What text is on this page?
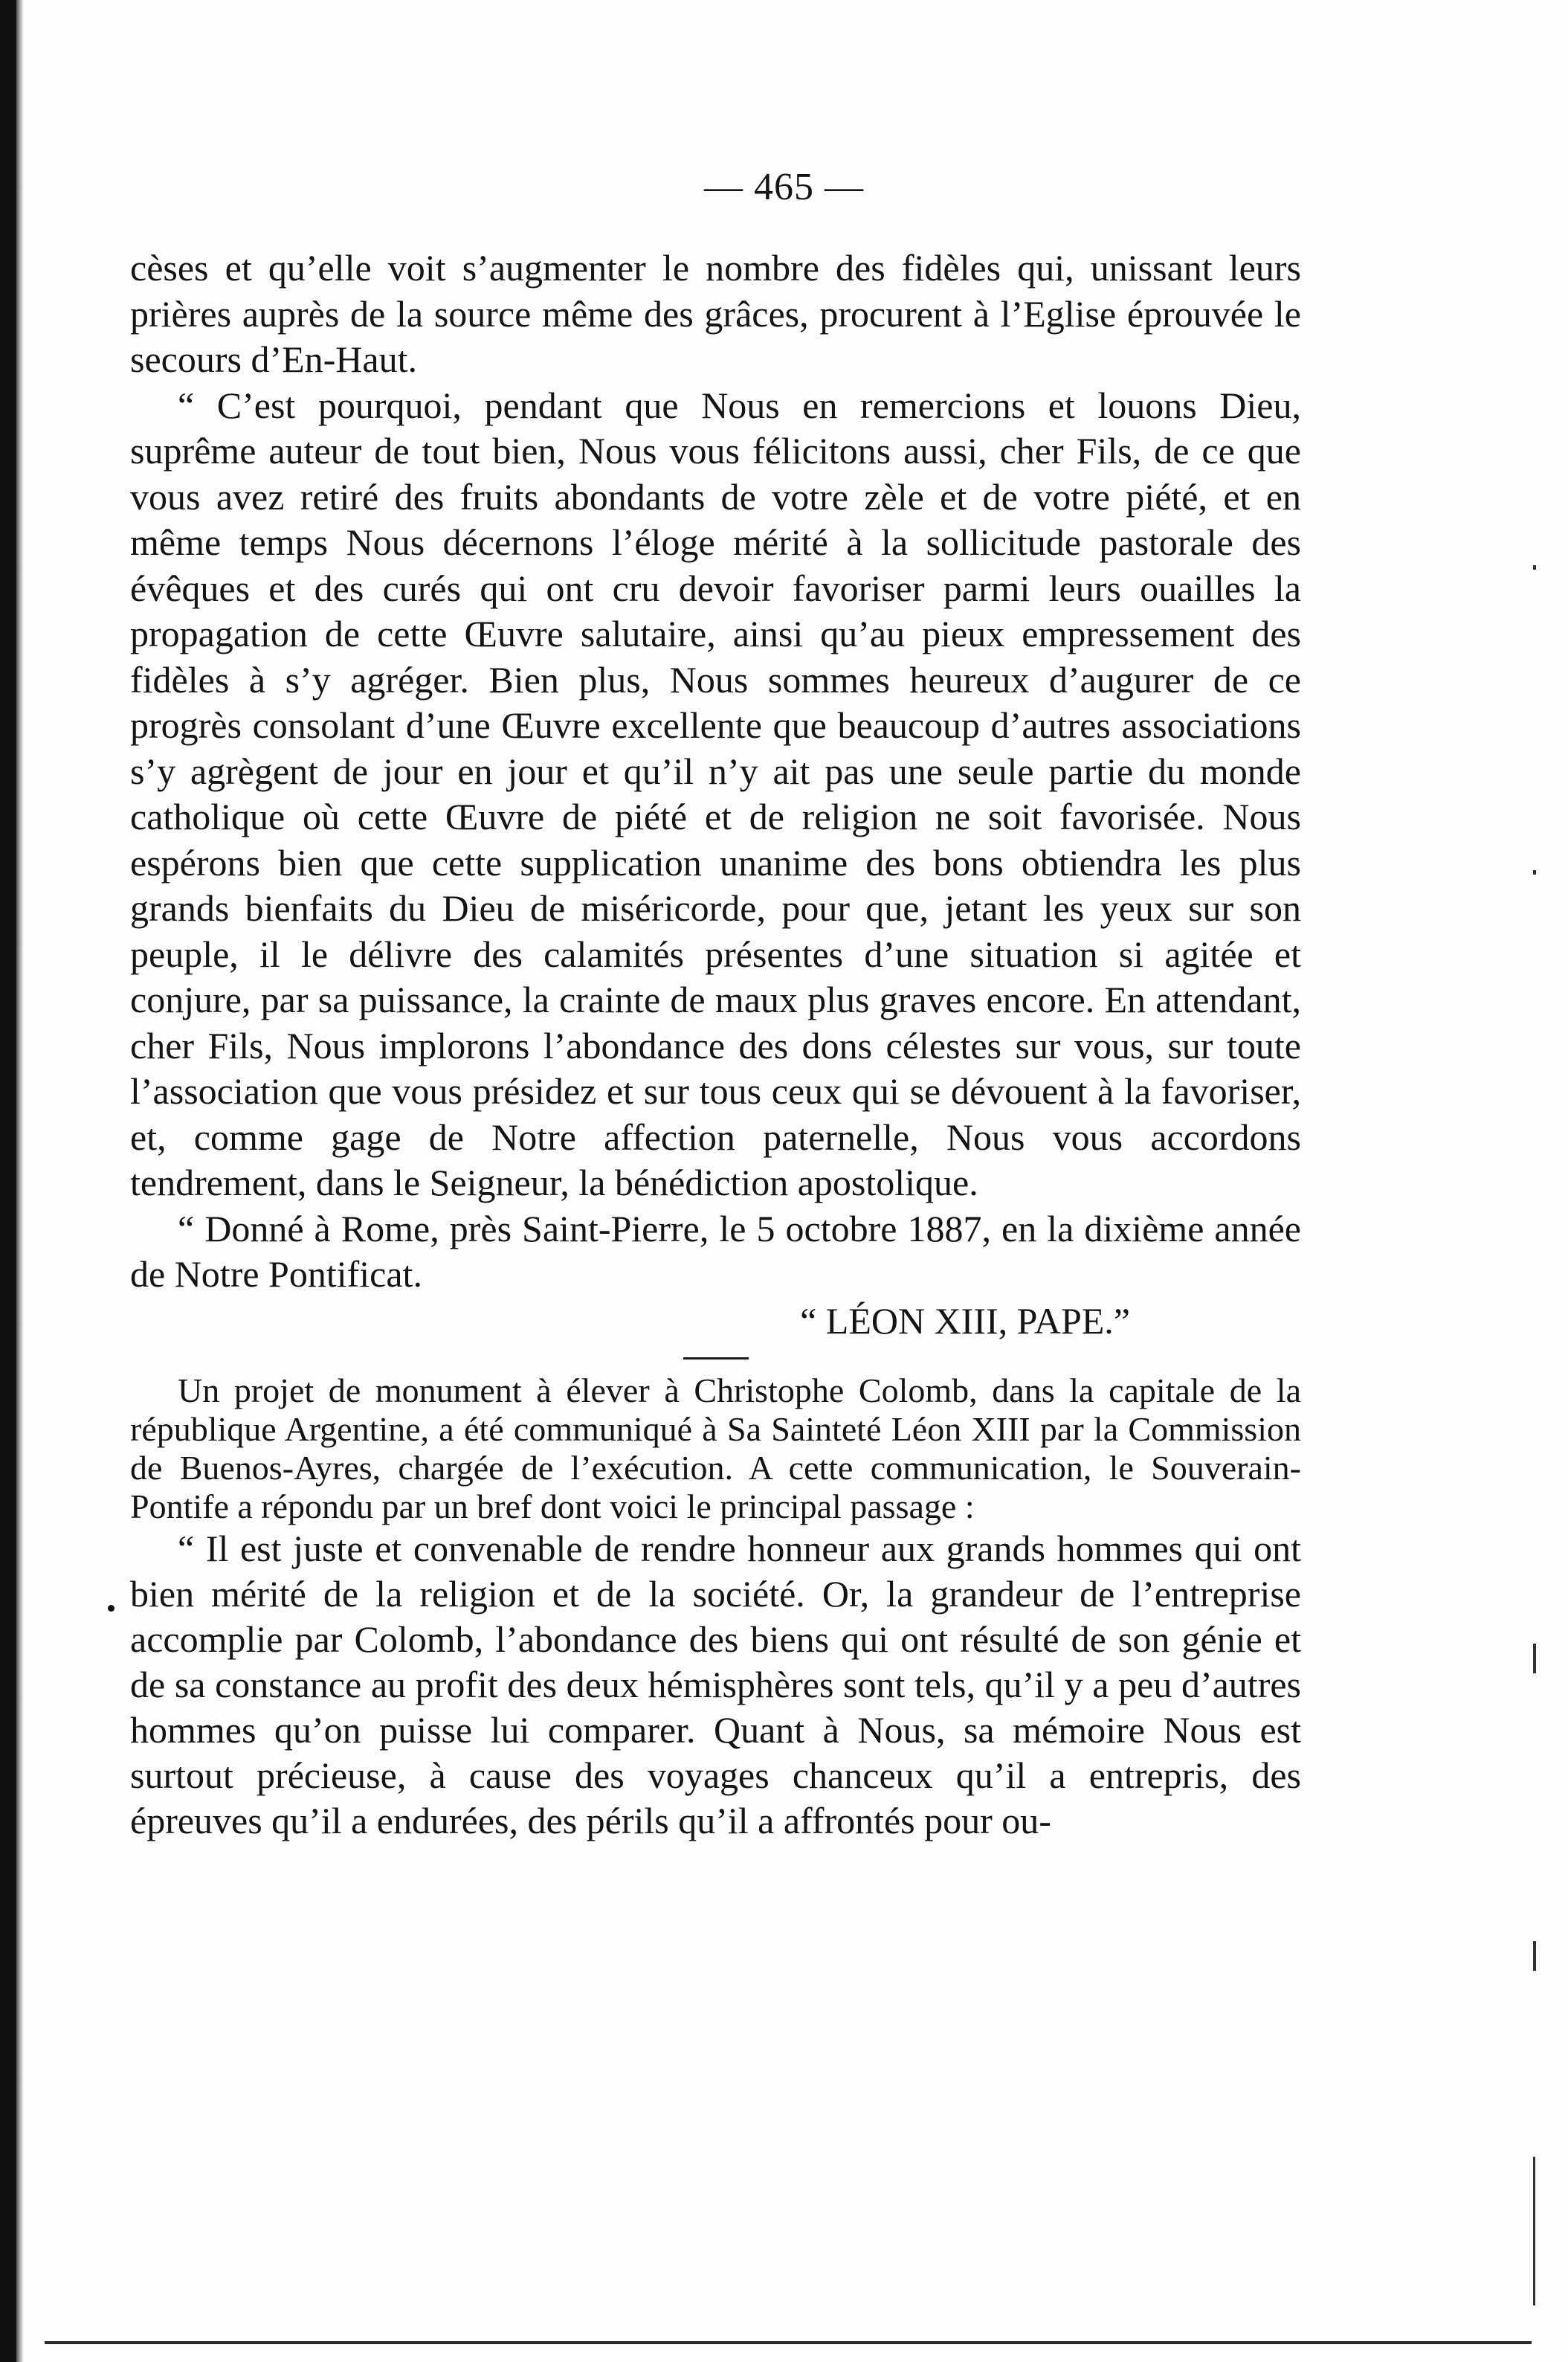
— 465 —

cèses et qu’elle voit s’augmenter le nombre des fidèles qui, unissant leurs prières auprès de la source même des grâces, procurent à l’Eglise éprouvée le secours d’En-Haut.

“ C’est pourquoi, pendant que Nous en remercions et louons Dieu, suprême auteur de tout bien, Nous vous félicitons aussi, cher Fils, de ce que vous avez retiré des fruits abondants de votre zèle et de votre piété, et en même temps Nous décernons l’éloge mérité à la sollicitude pastorale des évêques et des curés qui ont cru devoir favoriser parmi leurs ouailles la propagation de cette Œuvre salutaire, ainsi qu’au pieux empressement des fidèles à s’y agréger. Bien plus, Nous sommes heureux d’augurer de ce progrès consolant d’une Œuvre excellente que beaucoup d’autres associations s’y agrègent de jour en jour et qu’il n’y ait pas une seule partie du monde catholique où cette Œuvre de piété et de religion ne soit favorisée. Nous espérons bien que cette supplication unanime des bons obtiendra les plus grands bienfaits du Dieu de miséricorde, pour que, jetant les yeux sur son peuple, il le délivre des calamités présentes d’une situation si agitée et conjure, par sa puissance, la crainte de maux plus graves encore. En attendant, cher Fils, Nous implorons l’abondance des dons célestes sur vous, sur toute l’association que vous présidez et sur tous ceux qui se dévouent à la favoriser, et, comme gage de Notre affection paternelle, Nous vous accordons tendrement, dans le Seigneur, la bénédiction apostolique.

“ Donné à Rome, près Saint-Pierre, le 5 octobre 1887, en la dixième année de Notre Pontificat.

“ LÉON XIII, PAPE.”

Un projet de monument à élever à Christophe Colomb, dans la capitale de la république Argentine, a été communiqué à Sa Sainteté Léon XIII par la Commission de Buenos-Ayres, chargée de l’exécution. A cette communication, le Souverain-Pontife a répondu par un bref dont voici le principal passage :

“ Il est juste et convenable de rendre honneur aux grands hommes qui ont bien mérité de la religion et de la société. Or, la grandeur de l’entreprise accomplie par Colomb, l’abondance des biens qui ont résulté de son génie et de sa constance au profit des deux hémisphères sont tels, qu’il y a peu d’autres hommes qu’on puisse lui comparer. Quant à Nous, sa mémoire Nous est surtout précieuse, à cause des voyages chanceux qu’il a entrepris, des épreuves qu’il a endurées, des périls qu’il a affrontés pour ou-
